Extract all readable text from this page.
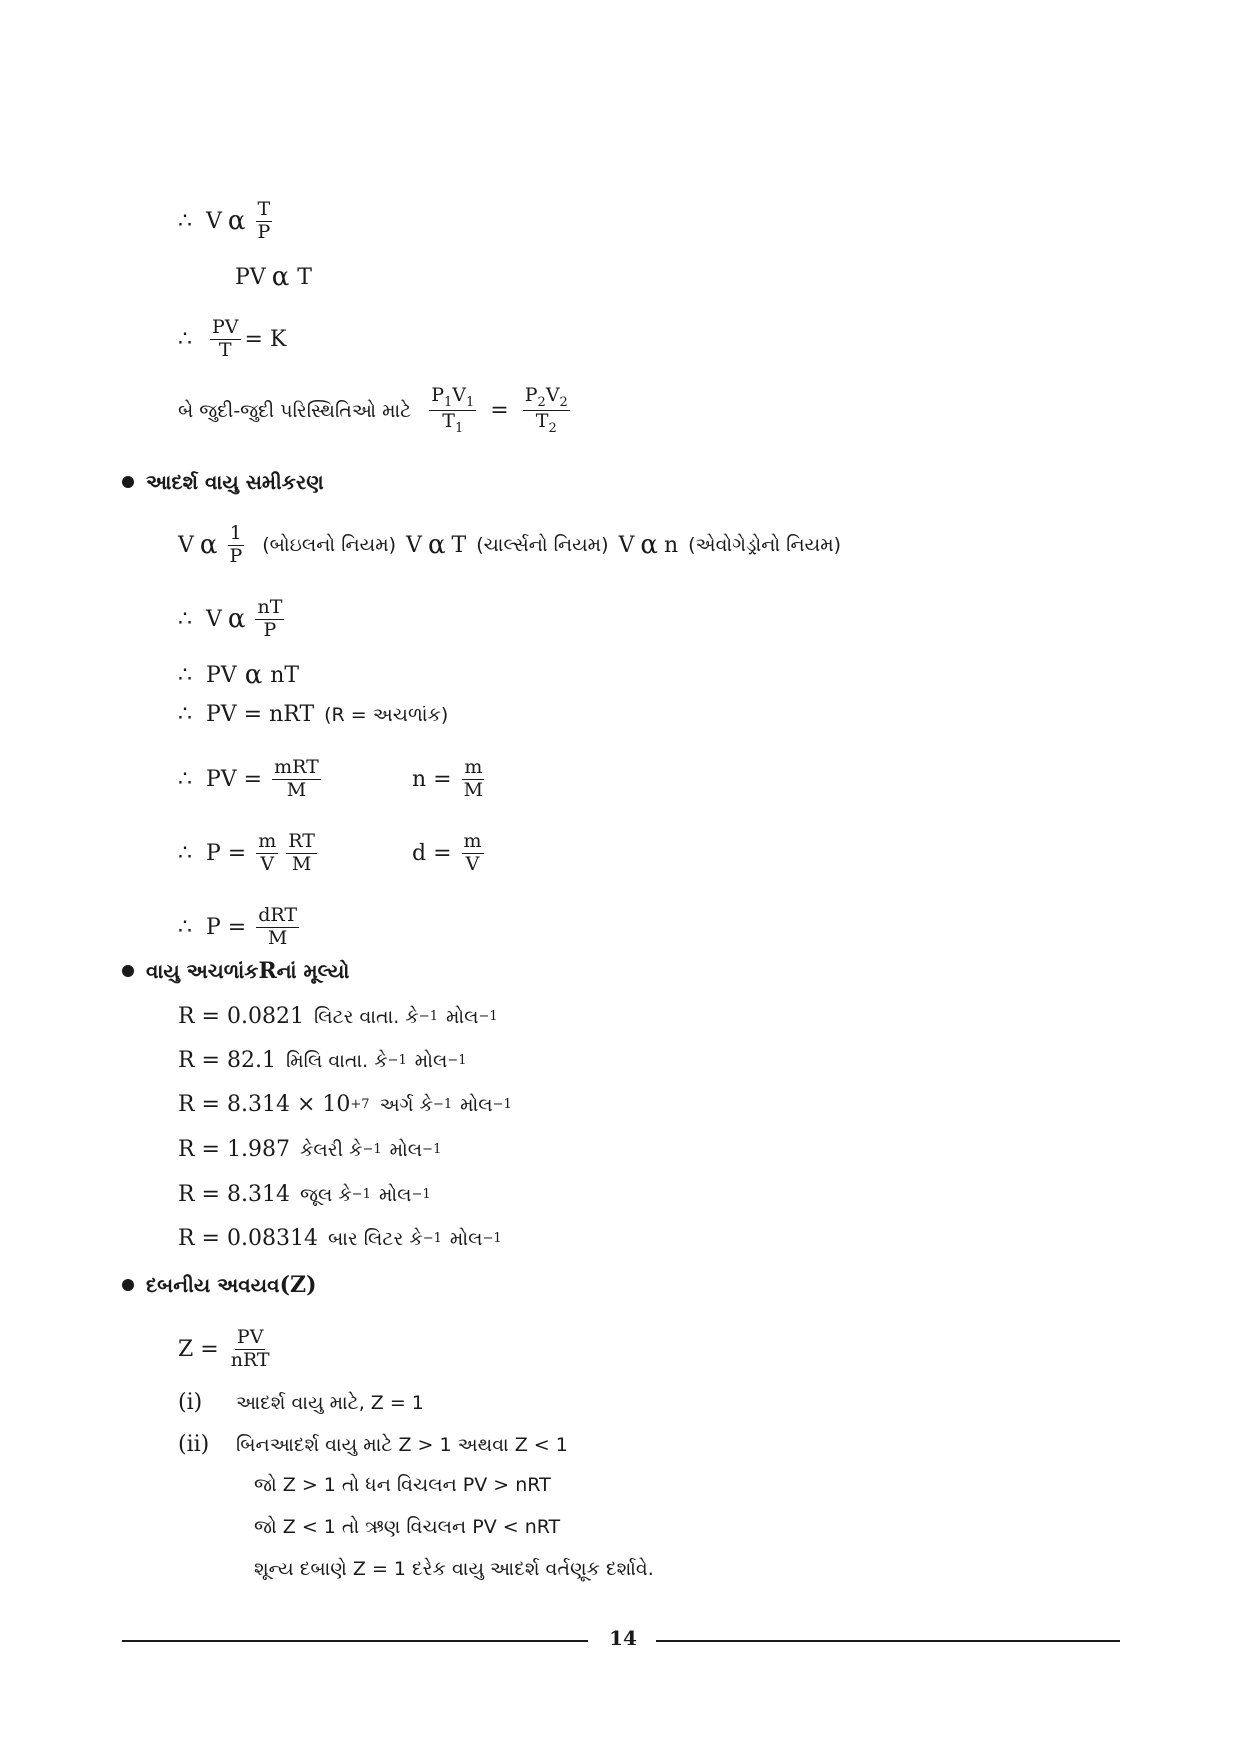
∴ V α $\frac{T}{P}$
PV α T
∴ $\frac{PV}{T} = K$
બે જુદી-જુદી પરિસ્થિતિઓ માટે $\frac{P_1V_1}{T_1} = \frac{P_2V_2}{T_2}$
આદર્શ વાયુ સમીકરણ
V α $\frac{1}{P}$ (બોઇલનો નિયમ) V α T (ચાર્લ્સનો નિયમ) V α n (એવોગેડ્રોનો નિયમ)
∴ V α $\frac{nT}{P}$
∴ PV α nT
∴ PV = nRT (R = અચળાંક)
∴ PV = $\frac{\text{mRT}}{M}$	$n = \frac{m}{M}$
∴ $P = \frac{m}{V} \frac{RT}{M}$	$d = \frac{m}{V}$
∴ $P = \frac{\text{dRT}}{M}$
વાયુ અચળાંક R નાં મૂલ્યો
R = 0.0821 લિટર વાતા. કે −1 મોલ −1
R = 82.1 મિલિ વાતા. કે −1 મોલ −1
R = 8.314 × 10 +7 અર્ગ કે −1 મોલ −1
R = 1.987 કેલરી કે −1 મોલ −1
R = 8.314 જૂલ કે −1 મોલ −1
R = 0.08314 બાર લિટર કે −1 મોલ −1
દબનીય અવયવ (Z)
$Z = \frac{PV}{\text{nRT}}$
(i)	આદર્શ વાયુ માટે, Z = 1
(ii)	બિનઆદર્શ વાયુ માટે Z > 1 અથવા Z < 1
જો Z > 1 તો ધન વિચલન PV > nRT
જો Z < 1 તો ઋણ વિચલન PV < nRT
શૂન્ય દબાણે Z = 1 દરેક વાયુ આદર્શ વર્તણૂક દર્શાવે.
14
